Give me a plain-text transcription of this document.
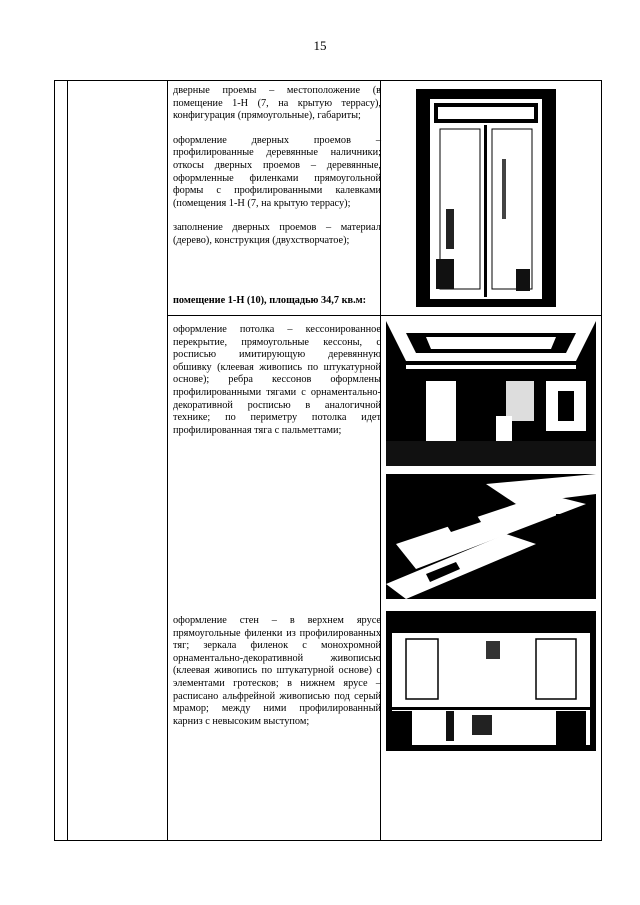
15

дверные проемы – местоположение (в помещение 1-Н (7, на крытую террасу), конфигурация (прямоугольные), габариты;

оформление дверных проемов – профилированные деревянные наличники; откосы дверных проемов – деревянные, оформленные филенками прямоугольной формы с профилированными калевками (помещения 1-Н (7, на крытую террасу);

заполнение дверных проемов – материал (дерево), конструкция (двухстворчатое);

помещение 1-Н (10), площадью 34,7 кв.м:

оформление потолка – кессонированное перекрытие, прямоугольные кессоны, с росписью имитирующую деревянную обшивку (клеевая живопись по штукатурной основе); ребра кессонов оформлены профилированными тягами с орнаментально-декоративной росписью в аналогичной технике; по периметру потолка идет профилированная тяга с пальметтами;

оформление стен – в верхнем ярусе прямоугольные филенки из профилированных тяг; зеркала филенок с монохромной орнаментально-декоративной живописью (клеевая живопись по штукатурной основе) с элементами гротесков; в нижнем ярусе – расписано альфрейной живописью под серый мрамор; между ними профилированный карниз с невысоким выступом;
